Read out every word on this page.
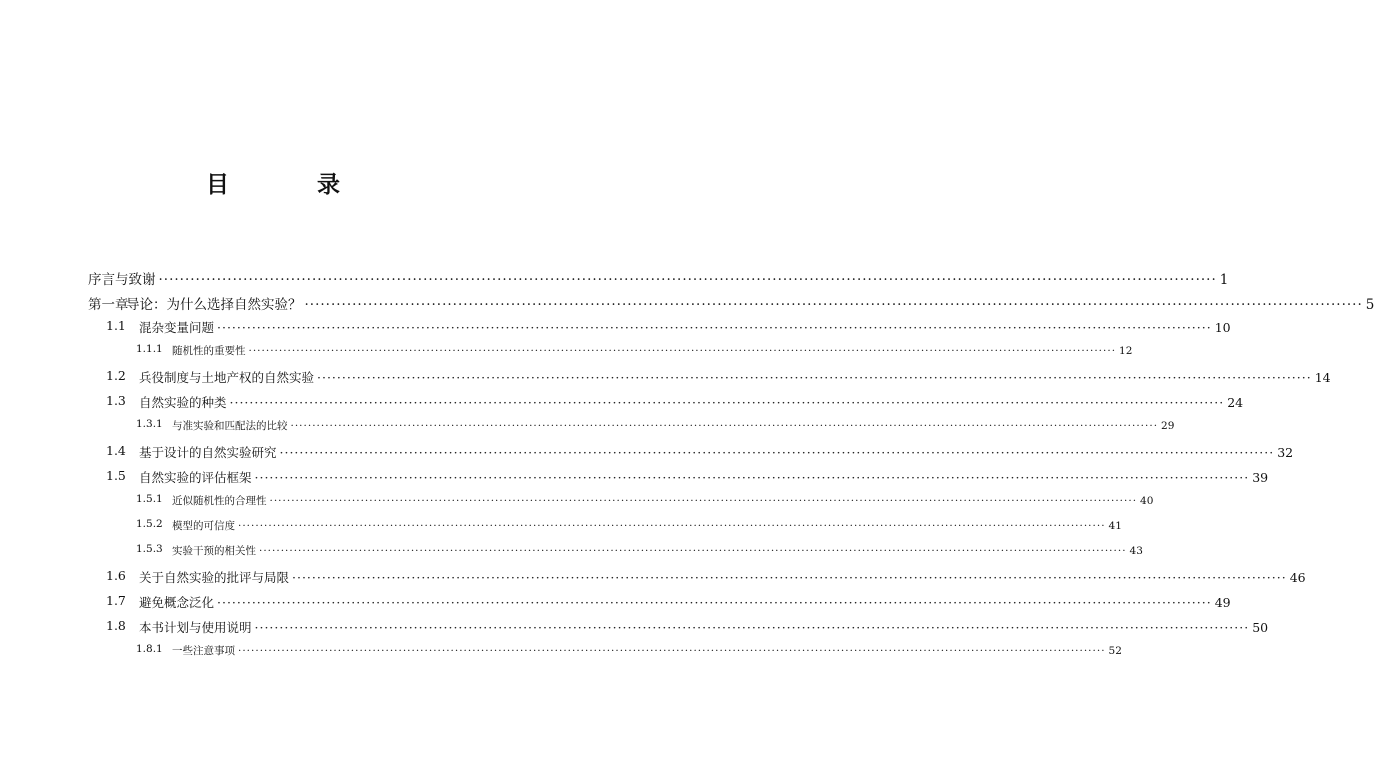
目 录
序言与致谢 ········································································································································································································ 1
第一章
导论：为什么选择自然实验？ ········································································································································································································ 5
1.1 混杂变量问题 ········································································································································································································ 10
1.1.1 随机性的重要性 ········································································································································································································ 12
1.2 兵役制度与土地产权的自然实验 ········································································································································································································ 14
1.3 自然实验的种类 ········································································································································································································ 24
1.3.1 与准实验和匹配法的比较 ········································································································································································································ 29
1.4 基于设计的自然实验研究 ········································································································································································································ 32
1.5 自然实验的评估框架 ········································································································································································································ 39
1.5.1 近似随机性的合理性 ········································································································································································································ 40
1.5.2 模型的可信度 ········································································································································································································ 41
1.5.3 实验干预的相关性 ········································································································································································································ 43
1.6 关于自然实验的批评与局限 ········································································································································································································ 46
1.7 避免概念泛化 ········································································································································································································ 49
1.8 本书计划与使用说明 ········································································································································································································ 50
1.8.1 一些注意事项 ········································································································································································································ 52
